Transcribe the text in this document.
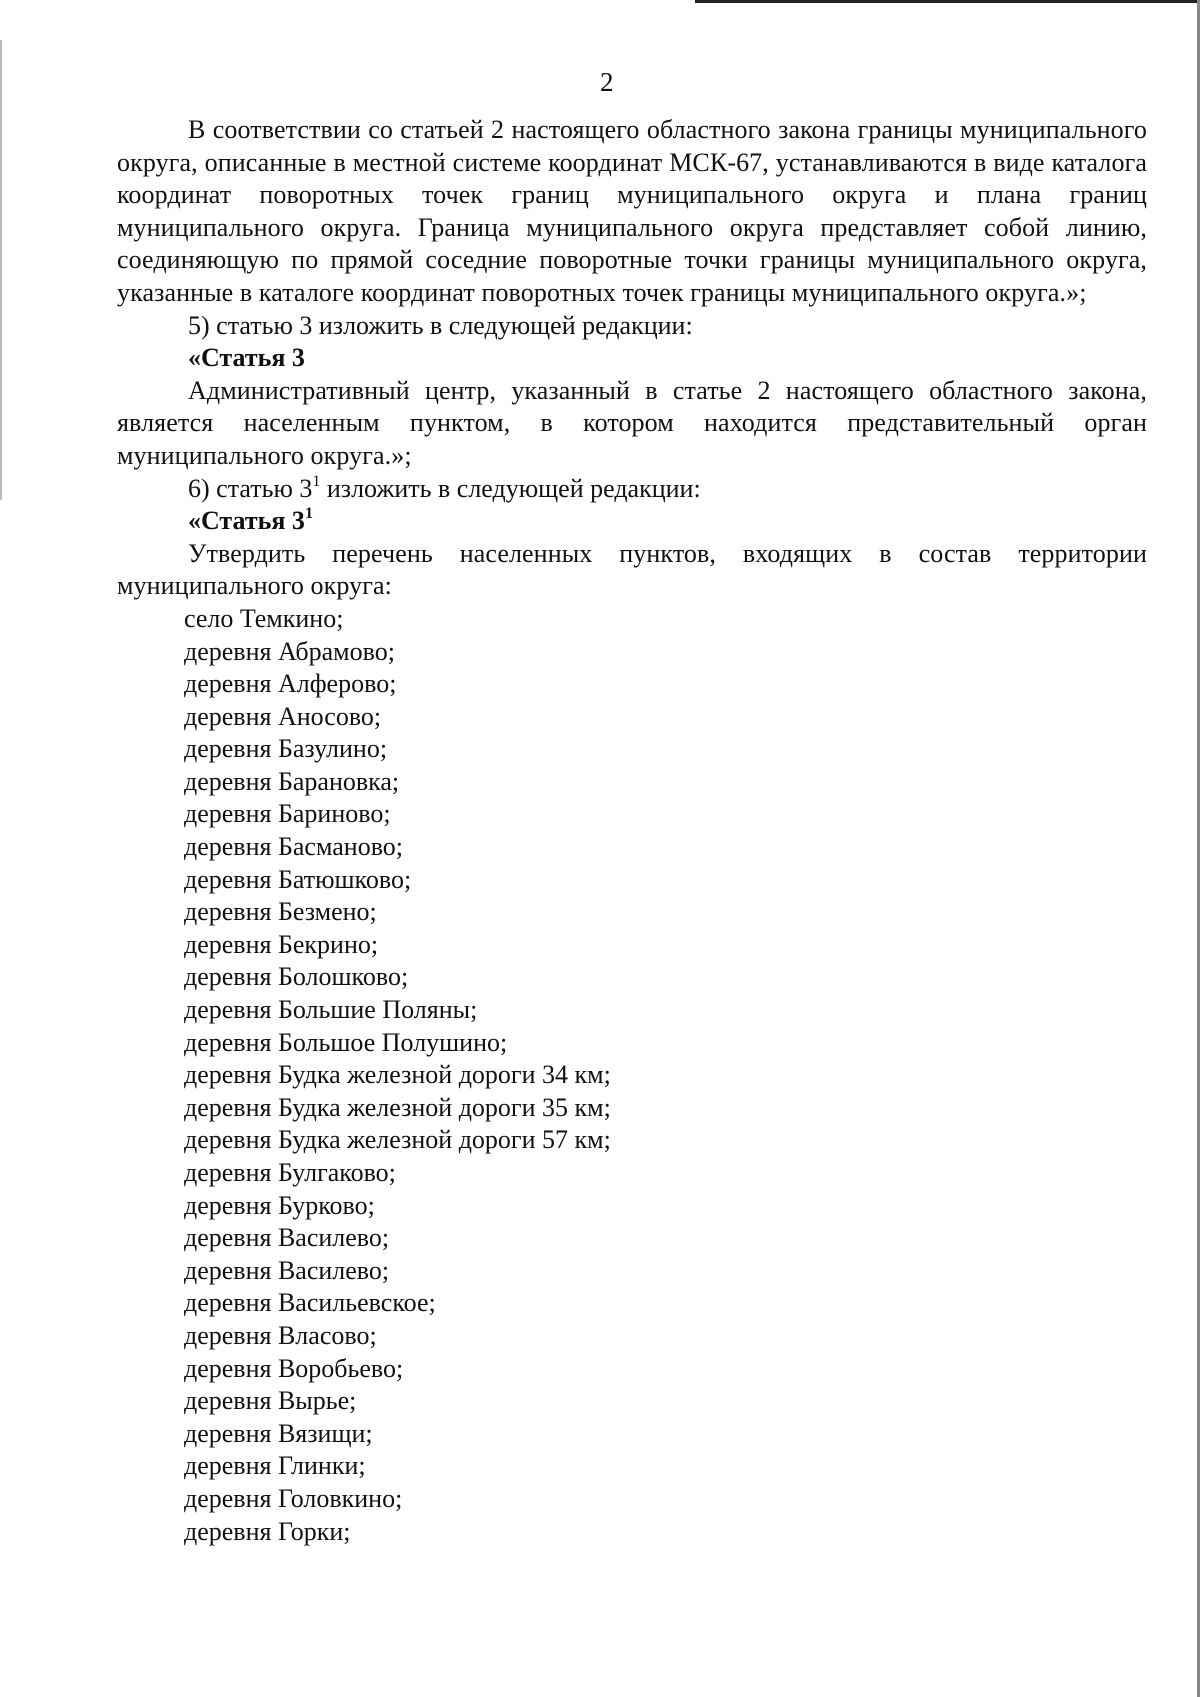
2

В соответствии со статьей 2 настоящего областного закона границы муниципального округа, описанные в местной системе координат МСК-67, устанавливаются в виде каталога координат поворотных точек границ муниципального округа и плана границ муниципального округа. Граница муниципального округа представляет собой линию, соединяющую по прямой соседние поворотные точки границы муниципального округа, указанные в каталоге координат поворотных точек границы муниципального округа.»;

5) статью 3 изложить в следующей редакции:

«Статья 3

Административный центр, указанный в статье 2 настоящего областного закона, является населенным пунктом, в котором находится представительный орган муниципального округа.»;

6) статью $3^1$ изложить в следующей редакции:

«Статья $3^1$

Утвердить перечень населенных пунктов, входящих в состав территории муниципального округа:

село Темкино;
деревня Абрамово;
деревня Алферово;
деревня Аносово;
деревня Базулино;
деревня Барановка;
деревня Бариново;
деревня Басманово;
деревня Батюшково;
деревня Безмено;
деревня Бекрино;
деревня Болошково;
деревня Большие Поляны;
деревня Большое Полушино;
деревня Будка железной дороги 34 км;
деревня Будка железной дороги 35 км;
деревня Будка железной дороги 57 км;
деревня Булгаково;
деревня Бурково;
деревня Василево;
деревня Василево;
деревня Васильевское;
деревня Власово;
деревня Воробьево;
деревня Вырье;
деревня Вязищи;
деревня Глинки;
деревня Головкино;
деревня Горки;
